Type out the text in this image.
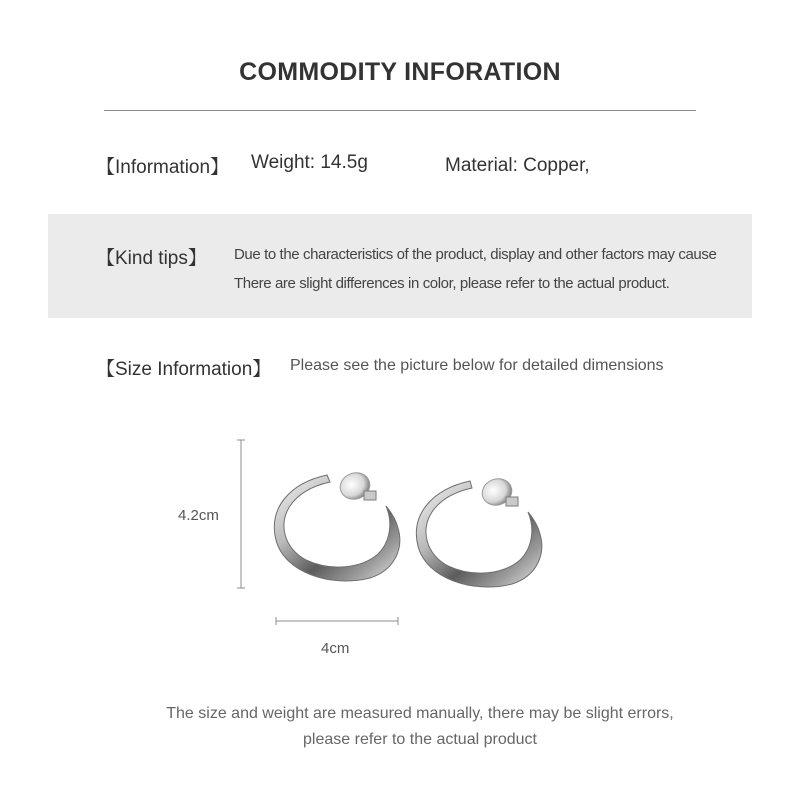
COMMODITY INFORATION
【Information】 Weight: 14.5g	Material: Copper,
【Kind tips】 Due to the characteristics of the product, display and other factors may cause
There are slight differences in color, please refer to the actual product.
【Size Information】 Please see the picture below for detailed dimensions
4.2cm
4cm
The size and weight are measured manually, there may be slight errors,
please refer to the actual product
